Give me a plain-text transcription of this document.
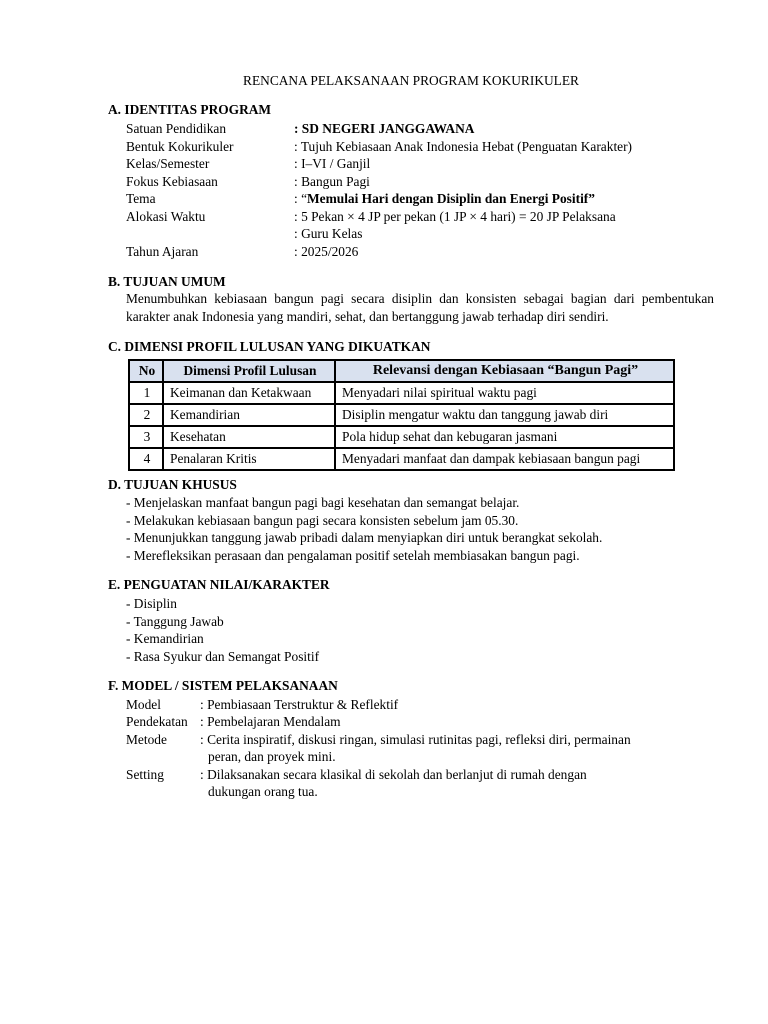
RENCANA PELAKSANAAN PROGRAM KOKURIKULER
A. IDENTITAS PROGRAM
Satuan Pendidikan	: SD NEGERI JANGGAWANA
Bentuk Kokurikuler	: Tujuh Kebiasaan Anak Indonesia Hebat (Penguatan Karakter)
Kelas/Semester	: I–VI / Ganjil
Fokus Kebiasaan	: Bangun Pagi
Tema	: “Memulai Hari dengan Disiplin dan Energi Positif”
Alokasi Waktu	: 5 Pekan × 4 JP per pekan (1 JP × 4 hari) = 20 JP Pelaksana
: Guru Kelas
Tahun Ajaran	: 2025/2026
B. TUJUAN UMUM
Menumbuhkan kebiasaan bangun pagi secara disiplin dan konsisten sebagai bagian dari pembentukan karakter anak Indonesia yang mandiri, sehat, dan bertanggung jawab terhadap diri sendiri.
C. DIMENSI PROFIL LULUSAN YANG DIKUATKAN
No	Dimensi Profil Lulusan	Relevansi dengan Kebiasaan “Bangun Pagi”
1	Keimanan dan Ketakwaan	Menyadari nilai spiritual waktu pagi
2	Kemandirian	Disiplin mengatur waktu dan tanggung jawab diri
3	Kesehatan	Pola hidup sehat dan kebugaran jasmani
4	Penalaran Kritis	Menyadari manfaat dan dampak kebiasaan bangun pagi
D. TUJUAN KHUSUS
- Menjelaskan manfaat bangun pagi bagi kesehatan dan semangat belajar.
- Melakukan kebiasaan bangun pagi secara konsisten sebelum jam 05.30.
- Menunjukkan tanggung jawab pribadi dalam menyiapkan diri untuk berangkat sekolah.
- Merefleksikan perasaan dan pengalaman positif setelah membiasakan bangun pagi.
E. PENGUATAN NILAI/KARAKTER
- Disiplin
- Tanggung Jawab
- Kemandirian
- Rasa Syukur dan Semangat Positif
F. MODEL / SISTEM PELAKSANAAN
Model	: Pembiasaan Terstruktur & Reflektif
Pendekatan : Pembelajaran Mendalam
Metode : Cerita inspiratif, diskusi ringan, simulasi rutinitas pagi, refleksi diri, permainan
peran, dan proyek mini.
Setting	: Dilaksanakan secara klasikal di sekolah dan berlanjut di rumah dengan
dukungan orang tua.
